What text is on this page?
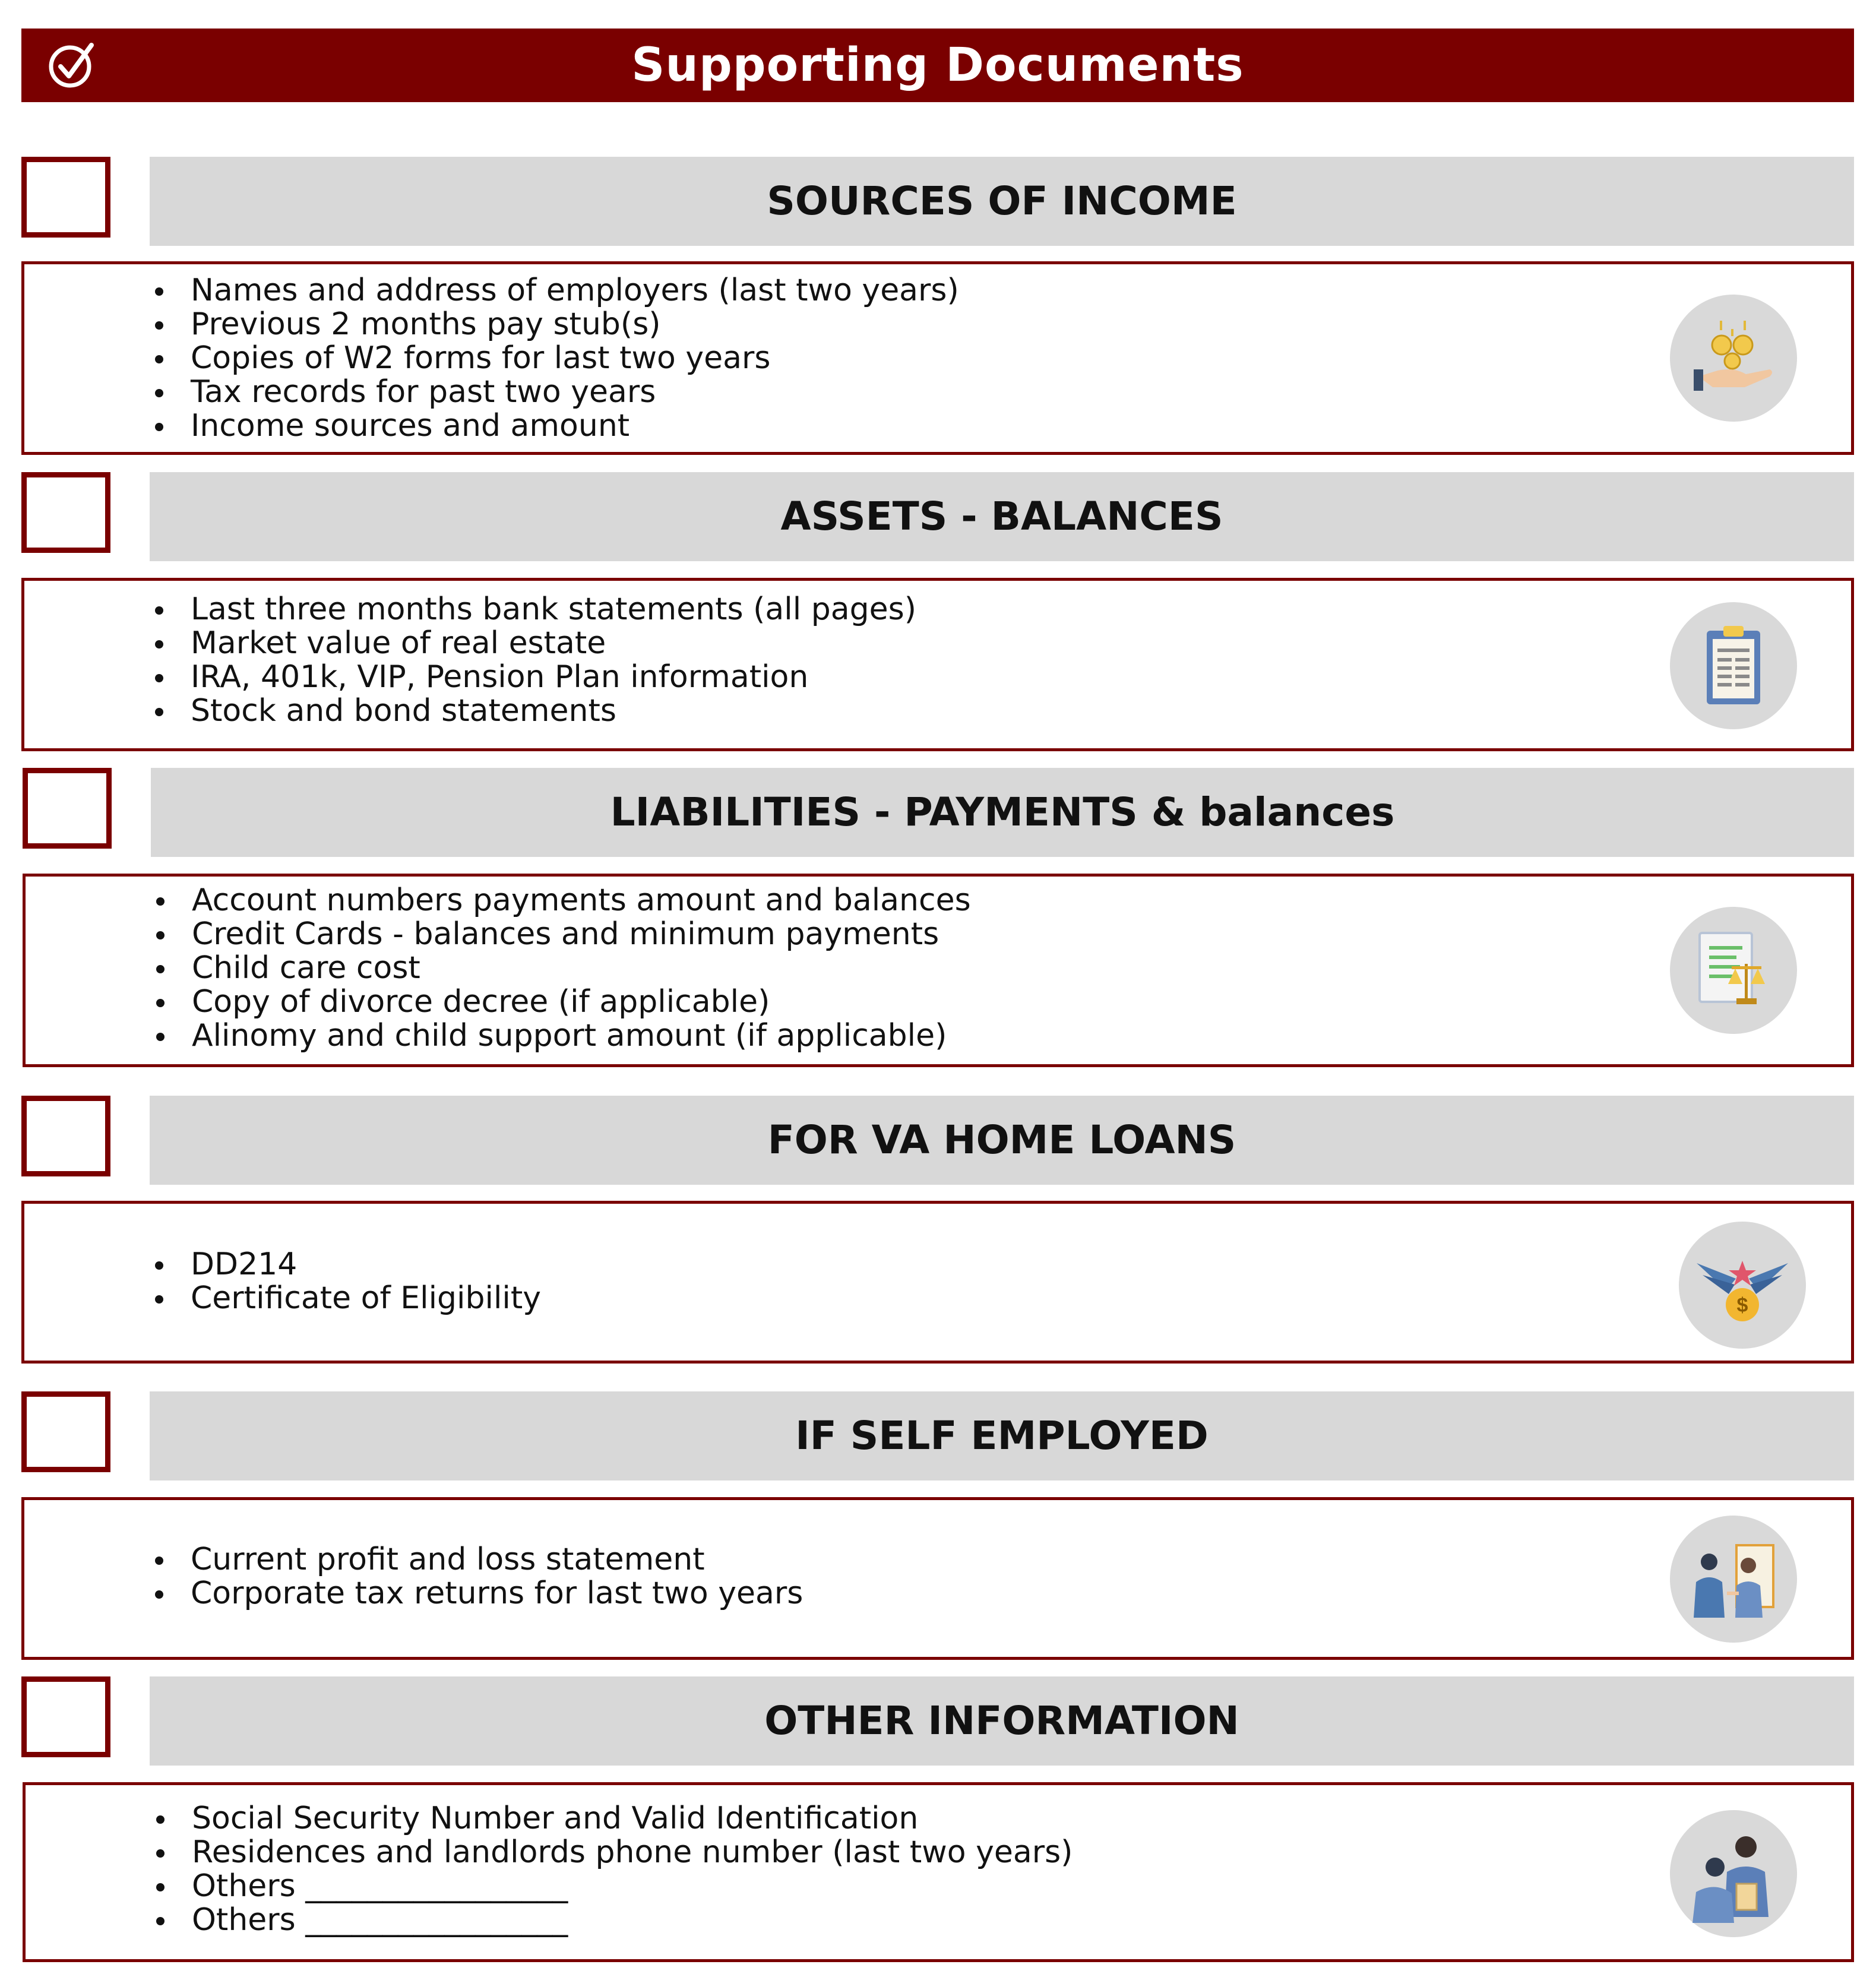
Supporting Documents
SOURCES OF INCOME
Names and address of employers (last two years)
Previous 2 months pay stub(s)
Copies of W2 forms for last two years
Tax records for past two years
Income sources and amount
ASSETS - BALANCES
Last three months bank statements (all pages)
Market value of real estate
IRA, 401k, VIP, Pension Plan information
Stock and bond statements
LIABILITIES - PAYMENTS & balances
Account numbers payments amount and balances
Credit Cards - balances and minimum payments
Child care cost
Copy of divorce decree (if applicable)
Alinomy and child support amount (if applicable)
FOR VA HOME LOANS
DD214
Certificate of Eligibility	$
IF SELF EMPLOYED
Current profit and loss statement
Corporate tax returns for last two years
OTHER INFORMATION
Social Security Number and Valid Identification
Residences and landlords phone number (last two years)
Others _________________
Others _________________
